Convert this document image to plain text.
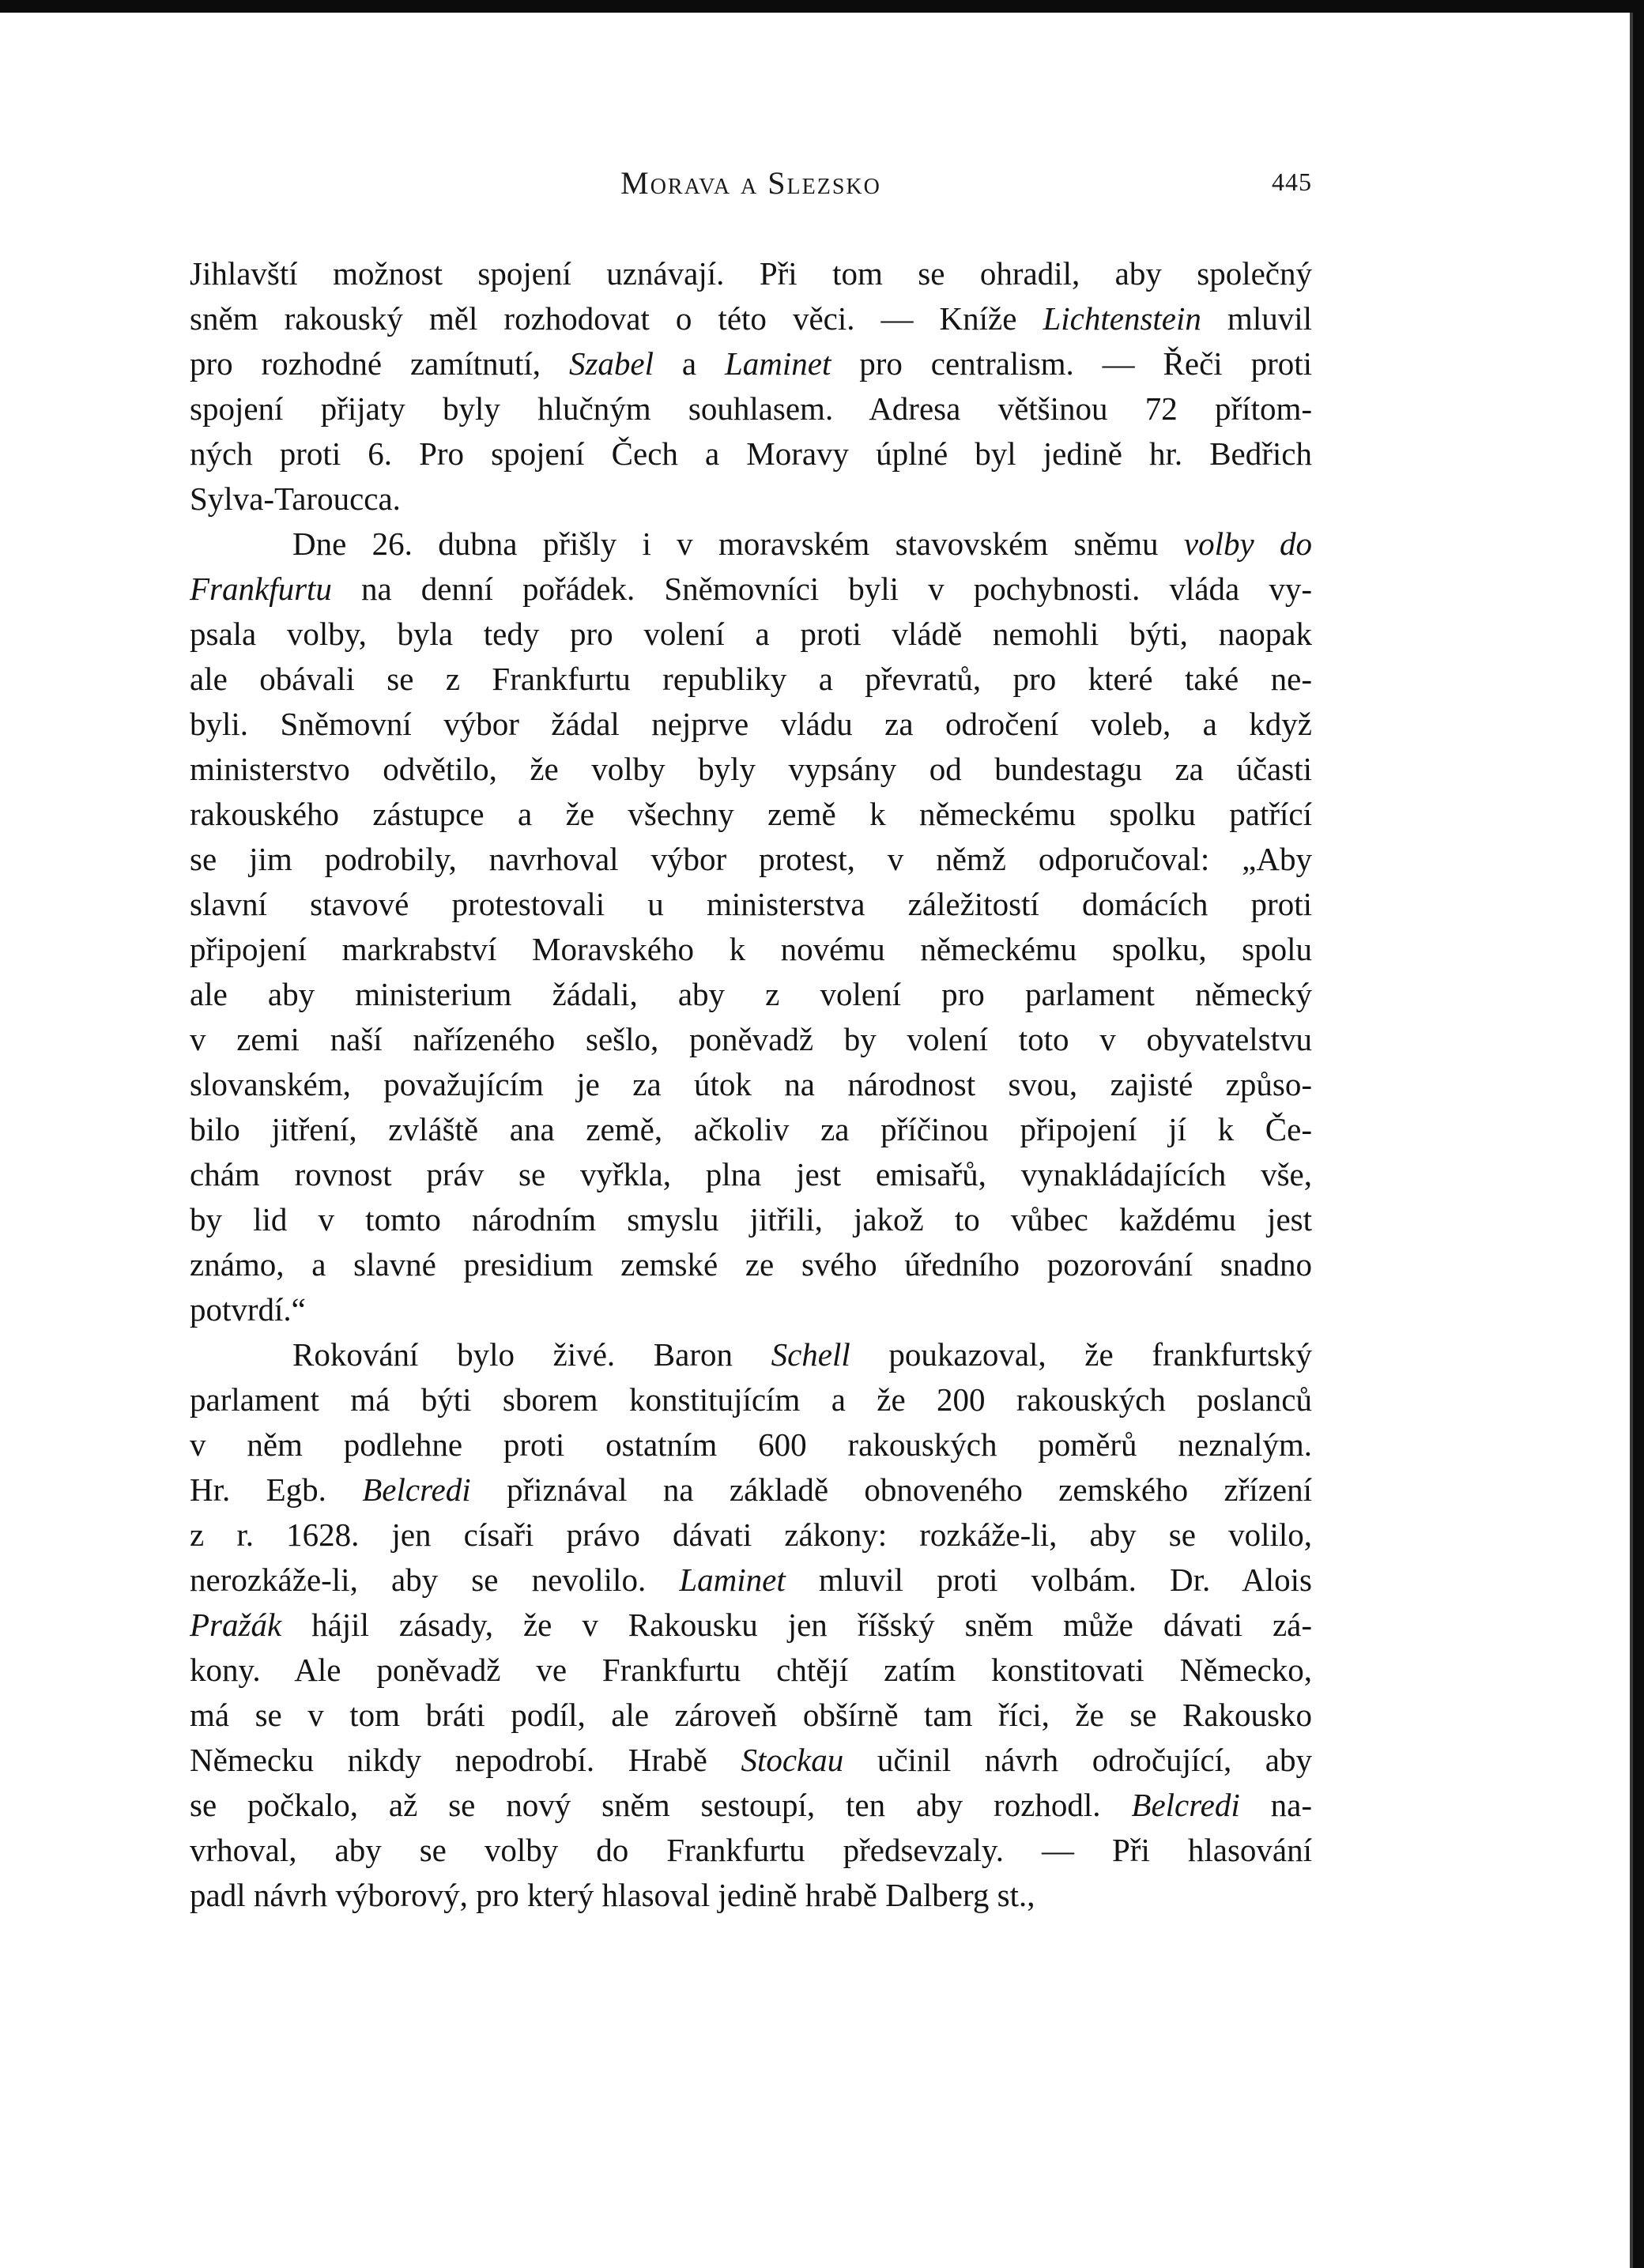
Morava a Slezsko	445
Jihlavští možnost spojení uznávají. Při tom se ohradil, aby společný
sněm rakouský měl rozhodovat o této věci. — Kníže Lichtenstein mluvil
pro rozhodné zamítnutí, Szabel a Laminet pro centralism. — Řeči proti
spojení přijaty byly hlučným souhlasem. Adresa většinou 72 přítom-
ných proti 6. Pro spojení Čech a Moravy úplné byl jedině hr. Bedřich
Sylva-Taroucca.
Dne 26. dubna přišly i v moravském stavovském sněmu volby do
Frankfurtu na denní pořádek. Sněmovníci byli v pochybnosti. vláda vy-
psala volby, byla tedy pro volení a proti vládě nemohli býti, naopak
ale obávali se z Frankfurtu republiky a převratů, pro které také ne-
byli. Sněmovní výbor žádal nejprve vládu za odročení voleb, a když
ministerstvo odvětilo, že volby byly vypsány od bundestagu za účasti
rakouského zástupce a že všechny země k německému spolku patřící
se jim podrobily, navrhoval výbor protest, v němž odporučoval: „Aby
slavní stavové protestovali u ministerstva záležitostí domácích proti
připojení markrabství Moravského k novému německému spolku, spolu
ale aby ministerium žádali, aby z volení pro parlament německý
v zemi naší nařízeného sešlo, poněvadž by volení toto v obyvatelstvu
slovanském, považujícím je za útok na národnost svou, zajisté způso-
bilo jitření, zvláště ana země, ačkoliv za příčinou připojení jí k Če-
chám rovnost práv se vyřkla, plna jest emisařů, vynakládajících vše,
by lid v tomto národním smyslu jitřili, jakož to vůbec každému jest
známo, a slavné presidium zemské ze svého úředního pozorování snadno
potvrdí.“
Rokování bylo živé. Baron Schell poukazoval, že frankfurtský
parlament má býti sborem konstitujícím a že 200 rakouských poslanců
v něm podlehne proti ostatním 600 rakouských poměrů neznalým.
Hr. Egb. Belcredi přiznával na základě obnoveného zemského zřízení
z r. 1628. jen císaři právo dávati zákony: rozkáže-li, aby se volilo,
nerozkáže-li, aby se nevolilo. Laminet mluvil proti volbám. Dr. Alois
Pražák hájil zásady, že v Rakousku jen říšský sněm může dávati zá-
kony. Ale poněvadž ve Frankfurtu chtějí zatím konstitovati Německo,
má se v tom bráti podíl, ale zároveň obšírně tam říci, že se Rakousko
Německu nikdy nepodrobí. Hrabě Stockau učinil návrh odročující, aby
se počkalo, až se nový sněm sestoupí, ten aby rozhodl. Belcredi na-
vrhoval, aby se volby do Frankfurtu předsevzaly. — Při hlasování
padl návrh výborový, pro který hlasoval jedině hrabě Dalberg st.,
